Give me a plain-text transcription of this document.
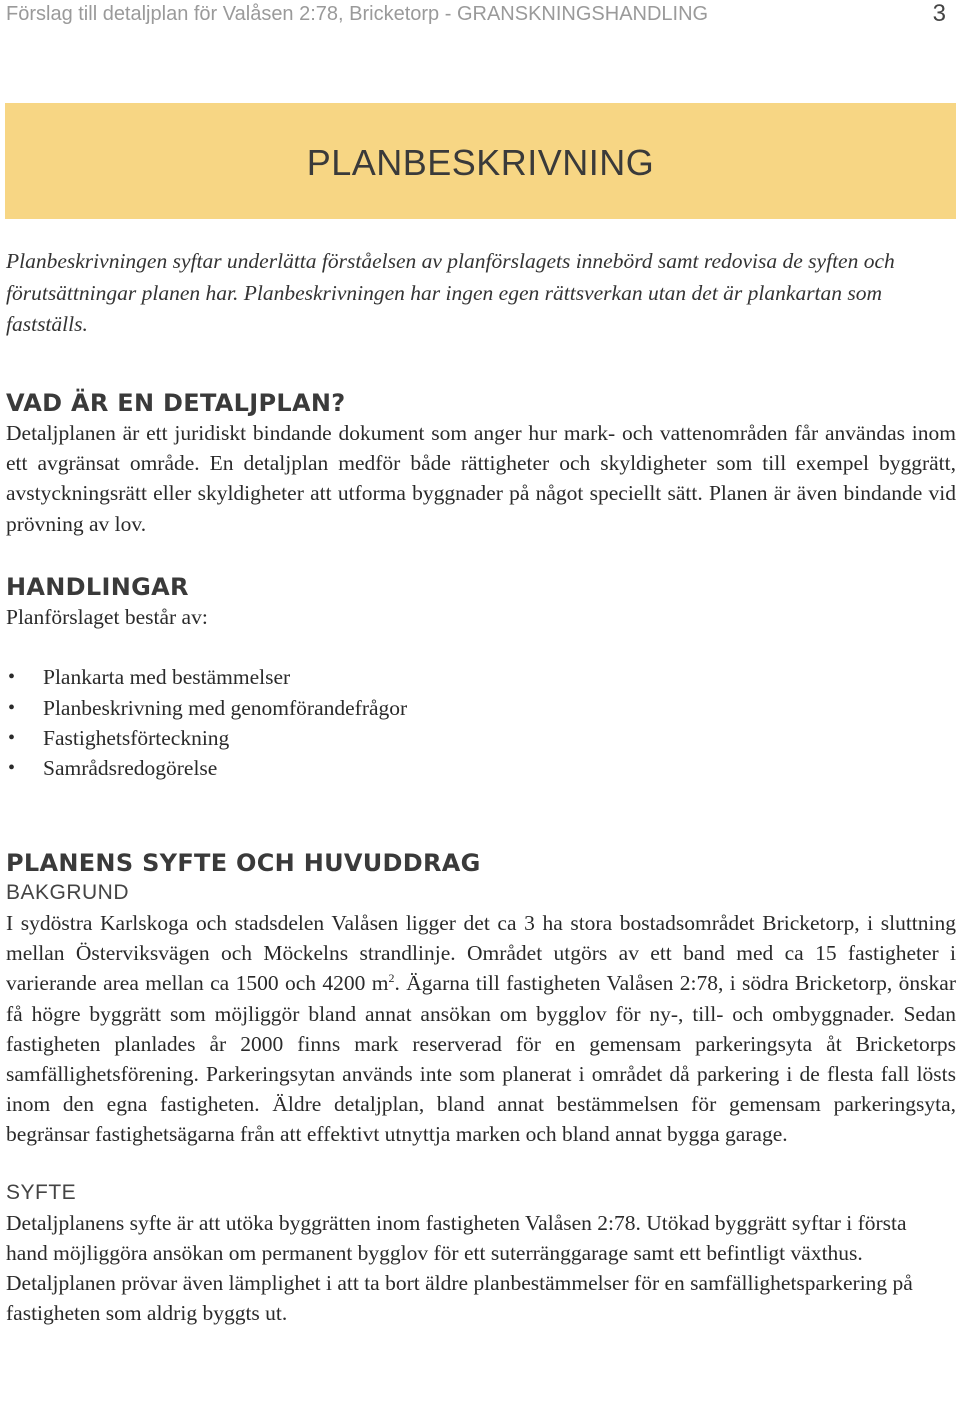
Förslag till detaljplan för Valåsen 2:78, Bricketorp - GRANSKNINGSHANDLING	3
PLANBESKRIVNING
Planbeskrivningen syftar underlätta förståelsen av planförslagets innebörd samt redovisa de syften och förutsättningar planen har. Planbeskrivningen har ingen egen rättsverkan utan det är plankartan som fastställs.
VAD ÄR EN DETALJPLAN?

Detaljplanen är ett juridiskt bindande dokument som anger hur mark- och vattenområden får användas inom ett avgränsat område. En detaljplan medför både rättigheter och skyldigheter som till exempel byggrätt, avstyckningsrätt eller skyldigheter att utforma byggnader på något speciellt sätt. Planen är även bindande vid prövning av lov.

HANDLINGAR

Planförslaget består av:

• Plankarta med bestämmelser
• Planbeskrivning med genomförandefrågor
• Fastighetsförteckning
• Samrådsredogörelse
PLANENS SYFTE OCH HUVUDDRAG
BAKGRUND

I sydöstra Karlskoga och stadsdelen Valåsen ligger det ca 3 ha stora bostadsområdet Bricketorp, i sluttning mellan Österviksvägen och Möckelns strandlinje. Området utgörs av ett band med ca 15 fastigheter i varierande area mellan ca 1500 och 4200 $m^2$. Ägarna till fastigheten Valåsen 2:78, i södra Bricketorp, önskar få högre byggrätt som möjliggör bland annat ansökan om bygglov för ny-, till- och ombyggnader. Sedan fastigheten planlades år 2000 finns mark reserverad för en gemensam parkeringsyta åt Bricketorps samfällighetsförening. Parkeringsytan används inte som planerat i området då parkering i de flesta fall lösts inom den egna fastigheten. Äldre detaljplan, bland annat bestämmelsen för gemensam parkeringsyta, begränsar fastighetsägarna från att effektivt utnyttja marken och bland annat bygga garage.

SYFTE

Detaljplanens syfte är att utöka byggrätten inom fastigheten Valåsen 2:78. Utökad byggrätt syftar i första hand möjliggöra ansökan om permanent bygglov för ett suterränggarage samt ett befintligt växthus. Detaljplanen prövar även lämplighet i att ta bort äldre planbestämmelser för en samfällighetsparkering på fastigheten som aldrig byggts ut.
